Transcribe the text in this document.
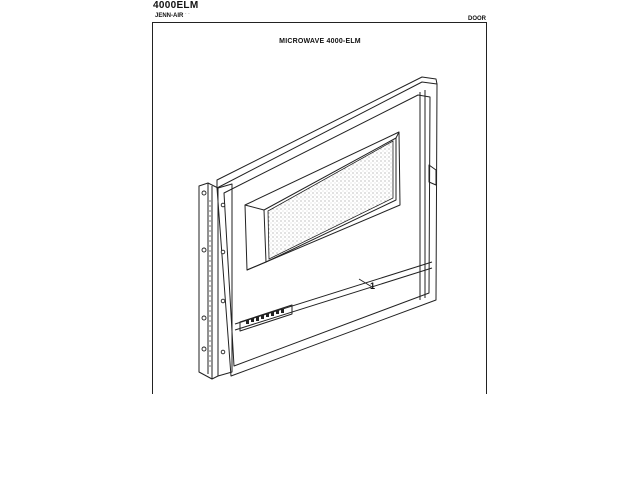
4000ELM
JENN-AIR
· · ·
DOOR
MICROWAVE 4000-ELM
1
